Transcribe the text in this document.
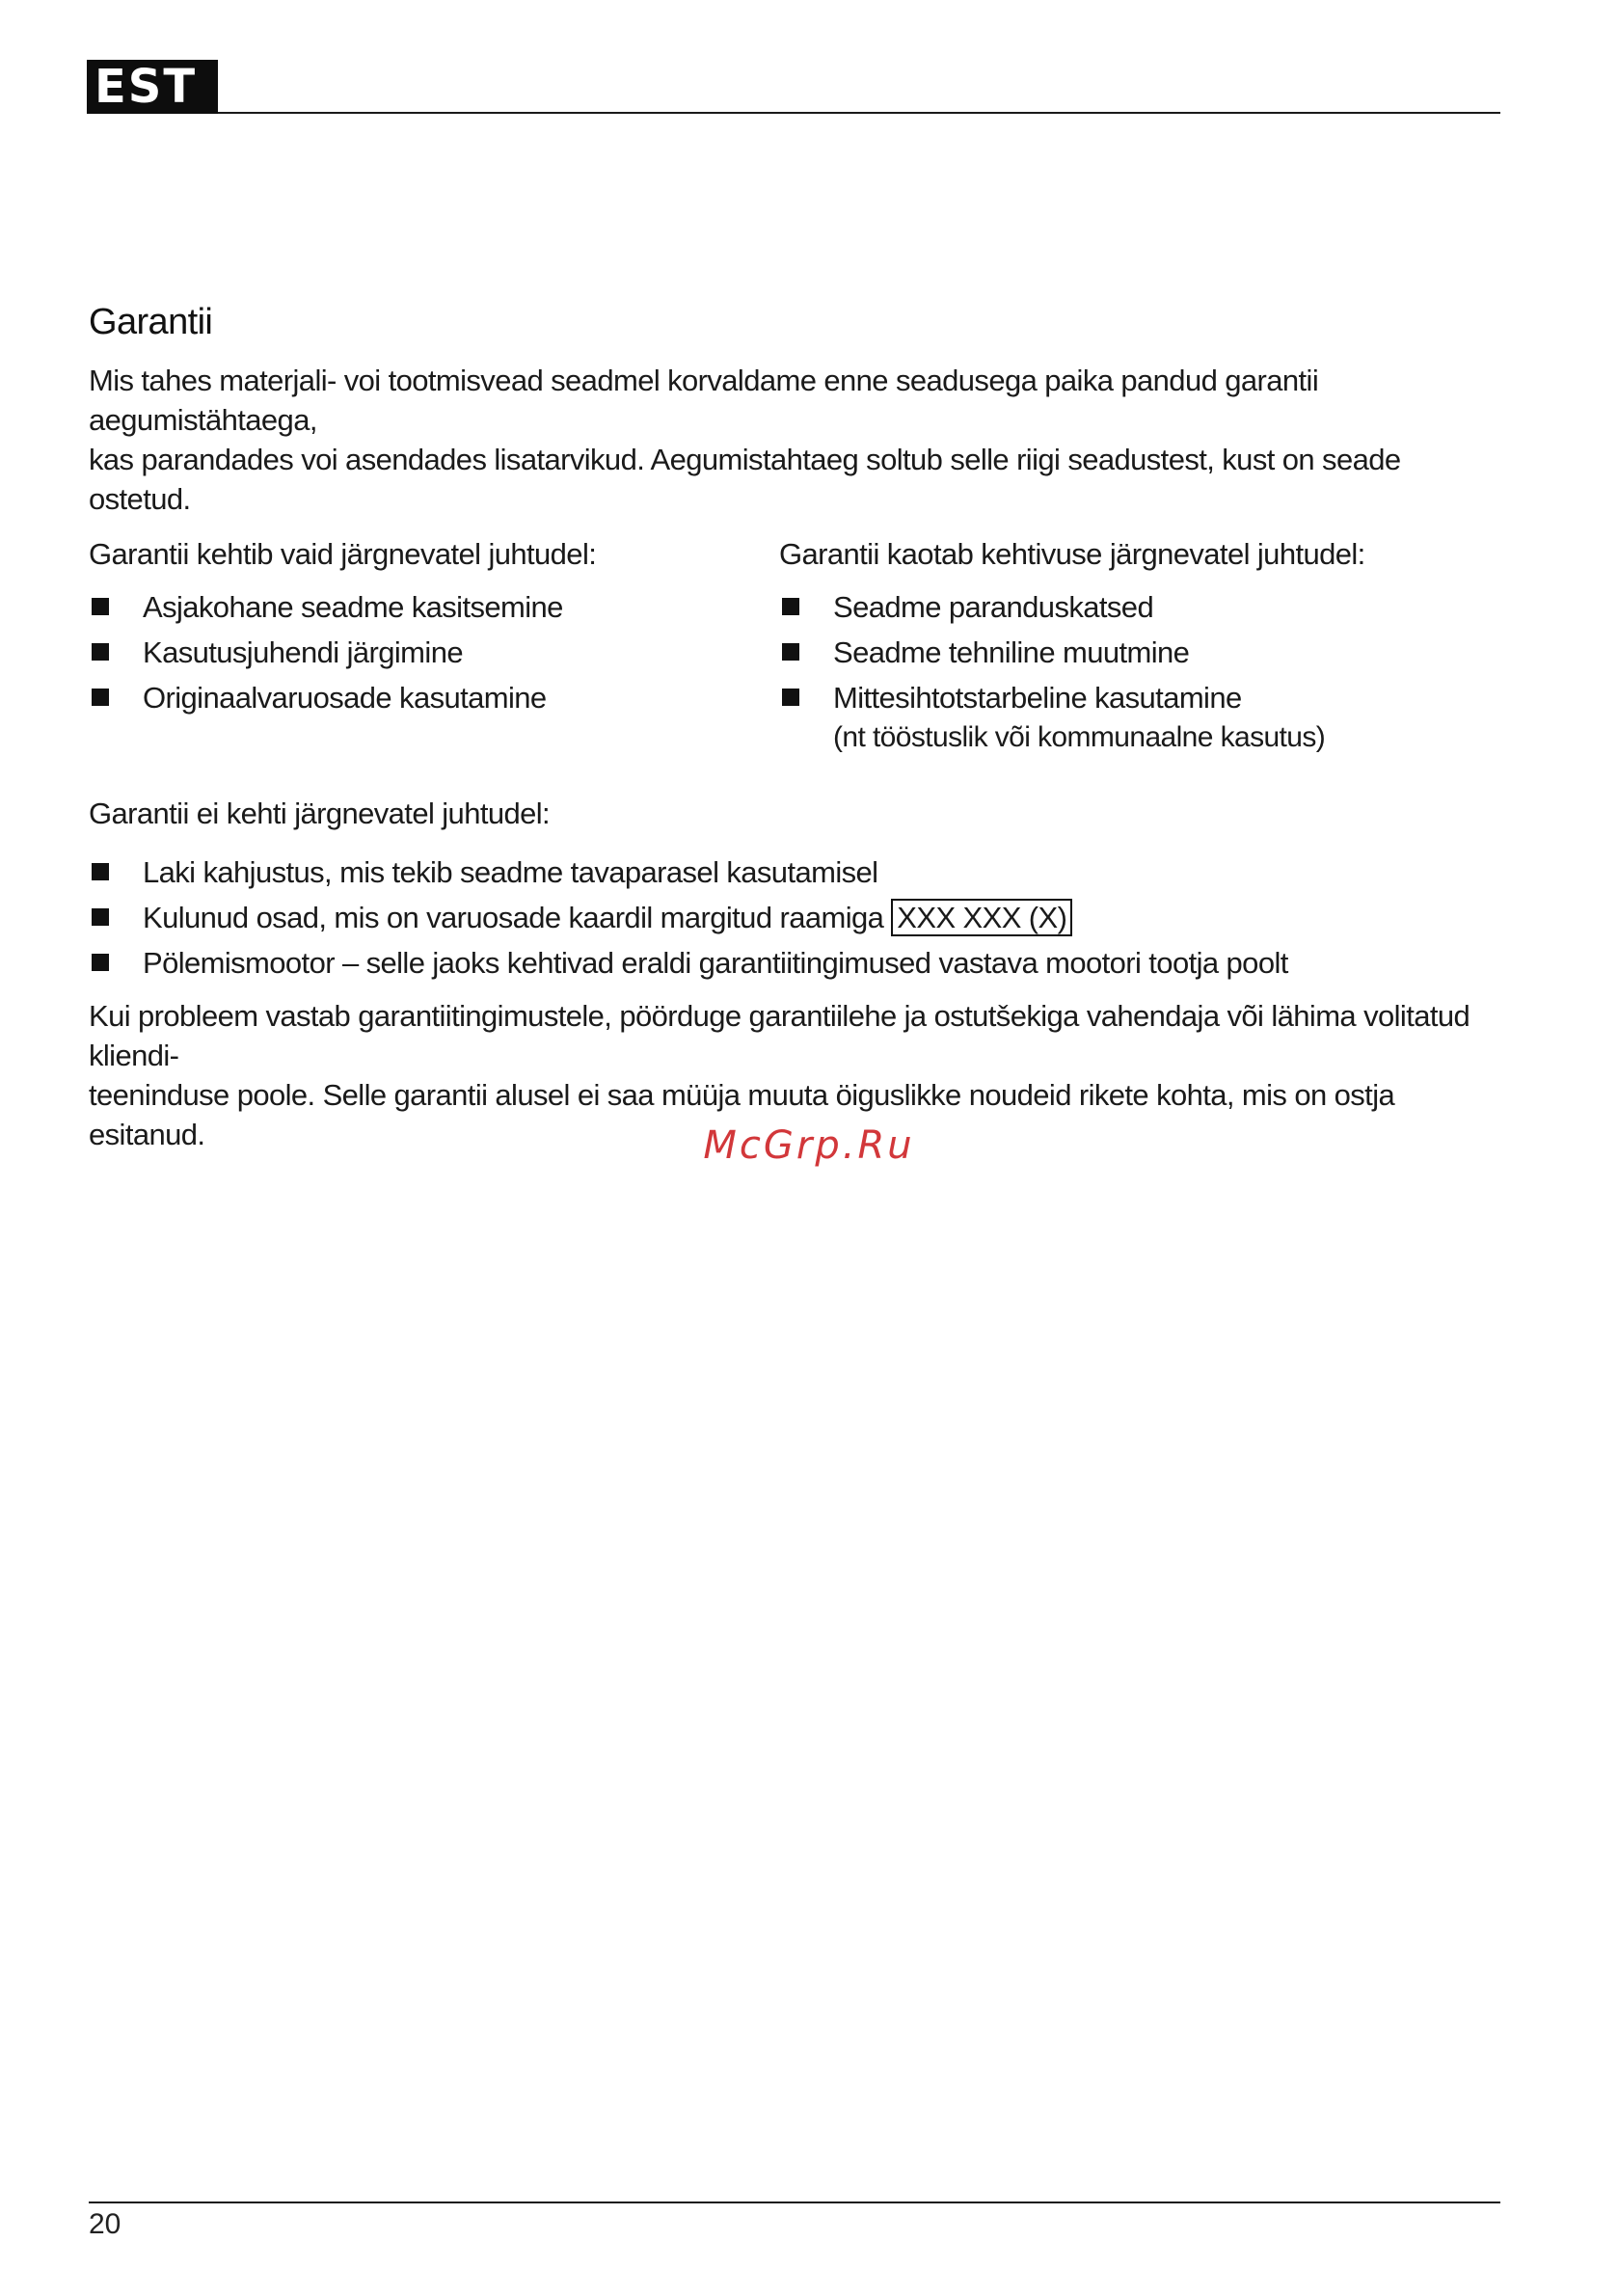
EST
Garantii

Mis tahes materjali- voi tootmisvead seadmel korvaldame enne seadusega paika pandud garantii aegumistähtaega,
kas parandades voi asendades lisatarvikud. Aegumistahtaeg soltub selle riigi seadustest, kust on seade ostetud.

Garantii kehtib vaid järgnevatel juhtudel:

Asjakohane seadme kasitsemine
Kasutusjuhendi järgimine
Originaalvaruosade kasutamine

Garantii kaotab kehtivuse järgnevatel juhtudel:

Seadme paranduskatsed
Seadme tehniline muutmine
Mittesihtotstarbeline kasutamine
(nt tööstuslik või kommunaalne kasutus)

Garantii ei kehti järgnevatel juhtudel:

Laki kahjustus, mis tekib seadme tavaparasel kasutamisel
Kulunud osad, mis on varuosade kaardil margitud raamiga XXX XXX (X)
Pölemismootor – selle jaoks kehtivad eraldi garantiitingimused vastava mootori tootja poolt

Kui probleem vastab garantiitingimustele, pöörduge garantiilehe ja ostutšekiga vahendaja või lähima volitatud kliendi-
teeninduse poole. Selle garantii alusel ei saa müüja muuta öiguslikke noudeid rikete kohta, mis on ostja esitanud.	McGrp.Ru
20
